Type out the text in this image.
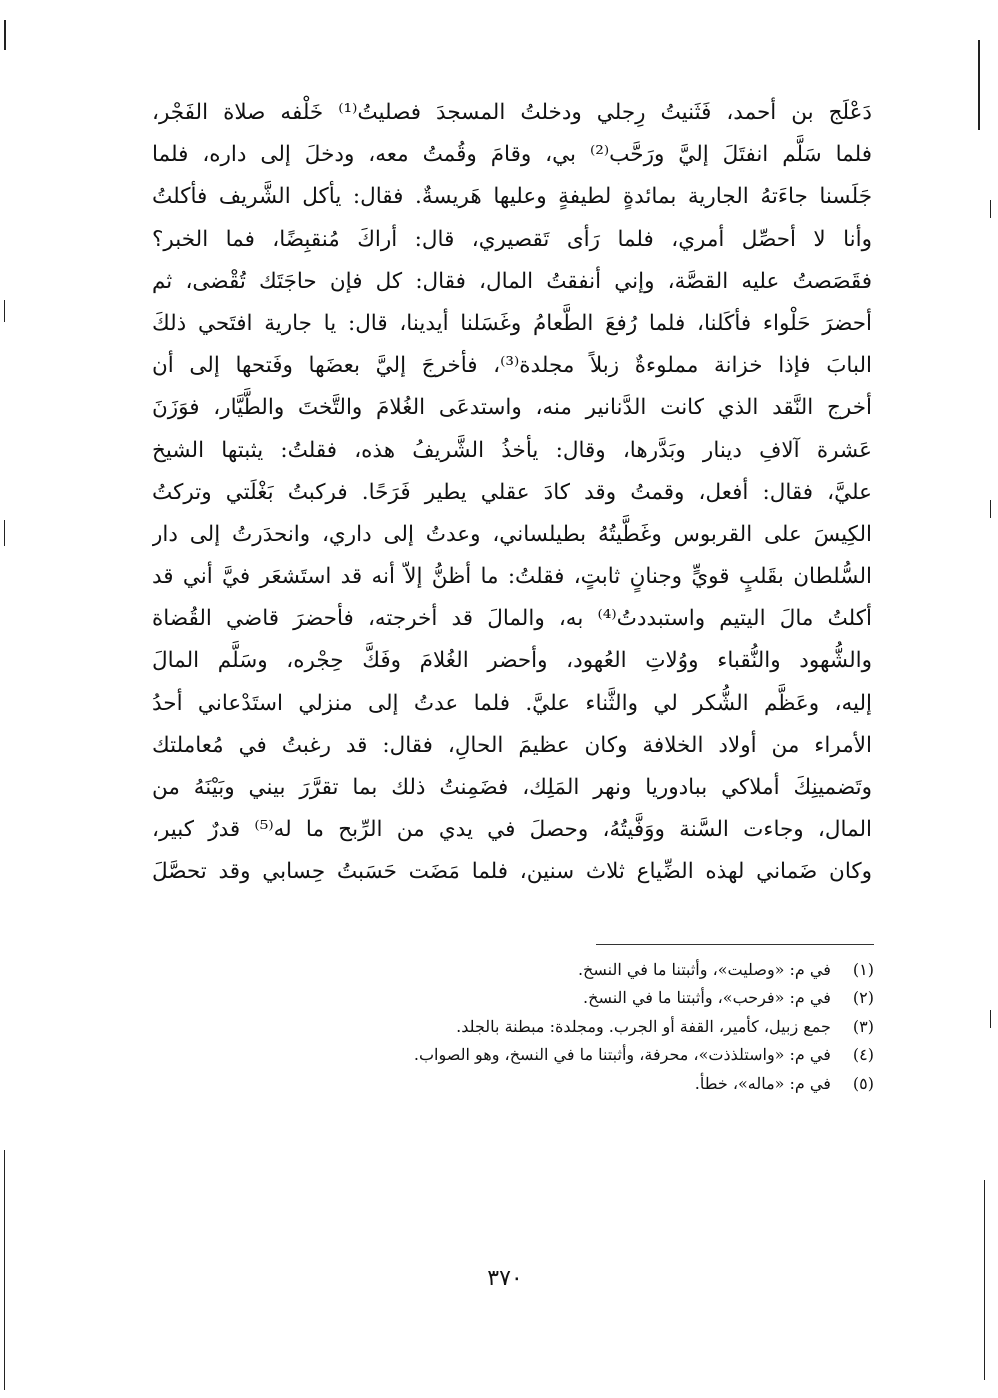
دَعْلَج بن أحمد، فَثَنيتُ رِجلي ودخلتُ المسجدَ فصليتُ⁽¹⁾ خَلْفه صلاة الفَجْر،
فلما سَلَّم انفتَلَ إليَّ ورَحَّب⁽²⁾ بي، وقامَ وقُمتُ معه، ودخلَ إلى داره، فلما
جَلَسنا جاءَتهُ الجارية بمائدةٍ لطيفةٍ وعليها هَريسةٌ. فقال: يأكل الشَّريف فأكلتُ
وأنا لا أحصِّل أمري، فلما رَأى تَقصيري، قال: أراكَ مُنقبِضًا، فما الخبر؟
فقَصَصتُ عليه القصَّة، وإني أنفقتُ المال، فقال: كل فإن حاجَتَك تُقْضى، ثم
أحضرَ حَلْواء فأكَلنا، فلما رُفعَ الطَّعامُ وغَسَلنا أيدينا، قال: يا جارية افتَحي ذلكَ
البابَ فإذا خزانة مملوءةٌ زبلاً مجلدة⁽³⁾، فأخرجَ إليَّ بعضَها وفَتحها إلى أن
أخرج النَّقد الذي كانت الدَّنانير منه، واستدعَى الغُلامَ والتَّختَ والطَّيَّار، فوَزَنَ
عَشرة آلافِ دينار وبَدَّرها، وقال: يأخذُ الشَّريفُ هذه، فقلتُ: يثبتها الشيخ
عليَّ، فقال: أفعل، وقمتُ وقد كادَ عقلي يطير فَرَحًا. فركبتُ بَغْلَتي وتركتُ
الكِيسَ على القربوس وغَطَّيتُهُ بطيلساني، وعدتُ إلى داري، وانحدَرتُ إلى دار
السُّلطان بقَلبٍ قويٍّ وجنانٍ ثابتٍ، فقلتُ: ما أظنُّ إلاّ أنه قد استَشعَر فيَّ أني قد
أكلتُ مالَ اليتيم واستبددتُ⁽⁴⁾ به، والمالَ قد أخرجته، فأحضرَ قاضي القُضاة
والشُّهود والنُّقباء ووُلاتِ العُهود، وأحضر الغُلامَ وفَكَّ حِجْره، وسَلَّم المالَ
إليه، وعَظَّم الشُّكر لي والثَّناء عليَّ. فلما عدتُ إلى منزلي استَدْعاني أحدُ
الأمراء من أولاد الخلافة وكان عظيمَ الحالِ، فقال: قد رغبتُ في مُعاملتك
وتَضمينِكَ أملاكي ببادوريا ونهر المَلِك، فضَمِنتُ ذلك بما تقرَّرَ بيني وبَيْنَهُ من
المال، وجاءت السَّنة ووَفَّيتُهُ، وحصلَ في يدي من الرِّبح ما له⁽⁵⁾ قدرٌ كبير،
وكان ضَماني لهذه الضِّياع ثلاث سنين، فلما مَضَت حَسَبتُ حِسابي وقد تحصَّلَ
(١) في م: «وصليت»، وأثبتنا ما في النسخ.
(٢) في م: «فرحب»، وأثبتنا ما في النسخ.
(٣) جمع زبيل، كأمير، القفة أو الجرب. ومجلدة: مبطنة بالجلد.
(٤) في م: «واستلذذت»، محرفة، وأثبتنا ما في النسخ، وهو الصواب.
(٥) في م: «ماله»، خطأ.
٣٧٠
